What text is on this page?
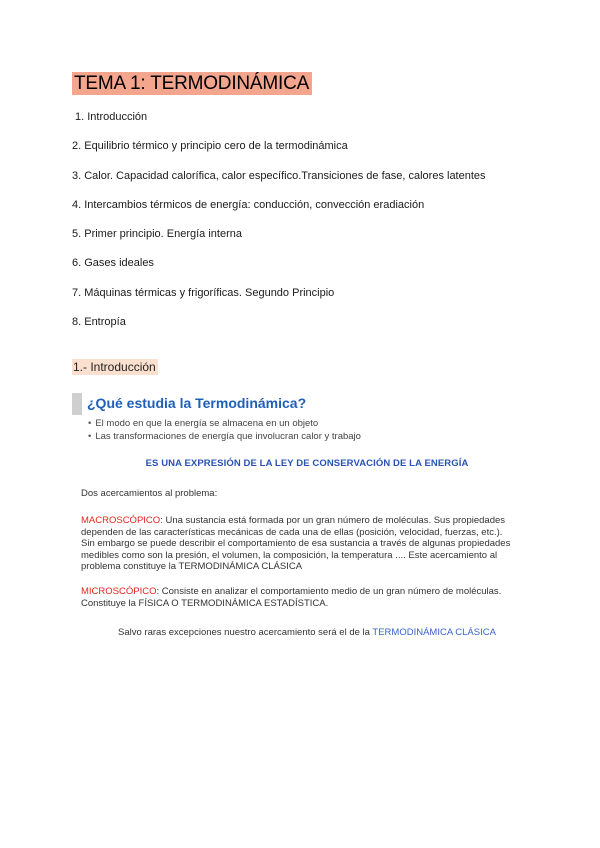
TEMA 1: TERMODINÁMICA
1. Introducción
2. Equilibrio térmico y principio cero de la termodinámica
3. Calor. Capacidad calorífica, calor específico.Transiciones de fase, calores latentes
4. Intercambios térmicos de energía: conducción, convección eradiación
5. Primer principio. Energía interna
6. Gases ideales
7. Máquinas térmicas y frigoríficas. Segundo Principio
8. Entropía
1.- Introducción
¿Qué estudia la Termodinámica?
• El modo en que la energía se almacena en un objeto
• Las transformaciones de energía que involucran calor y trabajo
ES UNA EXPRESIÓN DE LA LEY DE CONSERVACIÓN DE LA ENERGÍA
Dos acercamientos al problema:

MACROSCÓPICO: Una sustancia está formada por un gran número de moléculas. Sus propiedades
dependen de las características mecánicas de cada una de ellas (posición, velocidad, fuerzas, etc.).
Sin embargo se puede describir el comportamiento de esa sustancia a través de algunas propiedades
medibles como son la presión, el volumen, la composición, la temperatura .... Este acercamiento al
problema constituye la TERMODINÁMICA CLÁSICA

MICROSCÓPICO: Consiste en analizar el comportamiento medio de un gran número de moléculas.
Constituye la FÍSICA O TERMODINÁMICA ESTADÍSTICA.

Salvo raras excepciones nuestro acercamiento será el de la TERMODINÁMICA CLÁSICA
